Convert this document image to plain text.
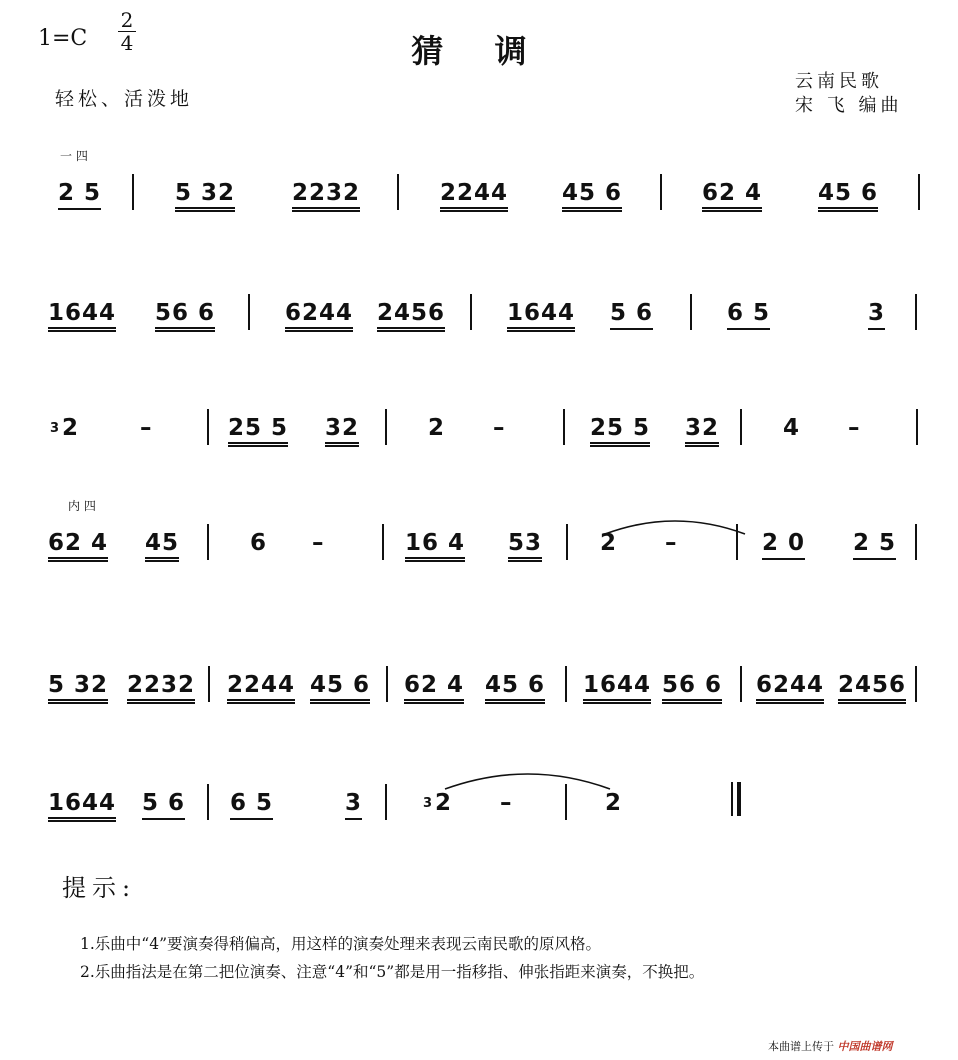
1=C
2
4	猜 调
轻松、活泼地
云南民歌
宋 飞 编曲
一 四
2 5	5 32 2232	2244 45 6	62 4 45 6
1644 56 6	6244 2456	1644 5 6	6 5	3
3 2	–	25 5 32	2 –	25 5 32	4 –
内 四
62 4 45	6 –	16 4 53	2 –	2 0 2 5
5 32 2232 2244 45 6 62 4 45 6 1644 56 6 6244 2456
1644 5 6 6 5	3	3 2 –	2
提示:
1.乐曲中“4”要演奏得稍偏高，用这样的演奏处理来表现云南民歌的原风格。
2.乐曲指法是在第二把位演奏、注意“4”和“5”都是用一指移指、伸张指距来演奏，不换把。
本曲谱上传于 中国曲谱网
